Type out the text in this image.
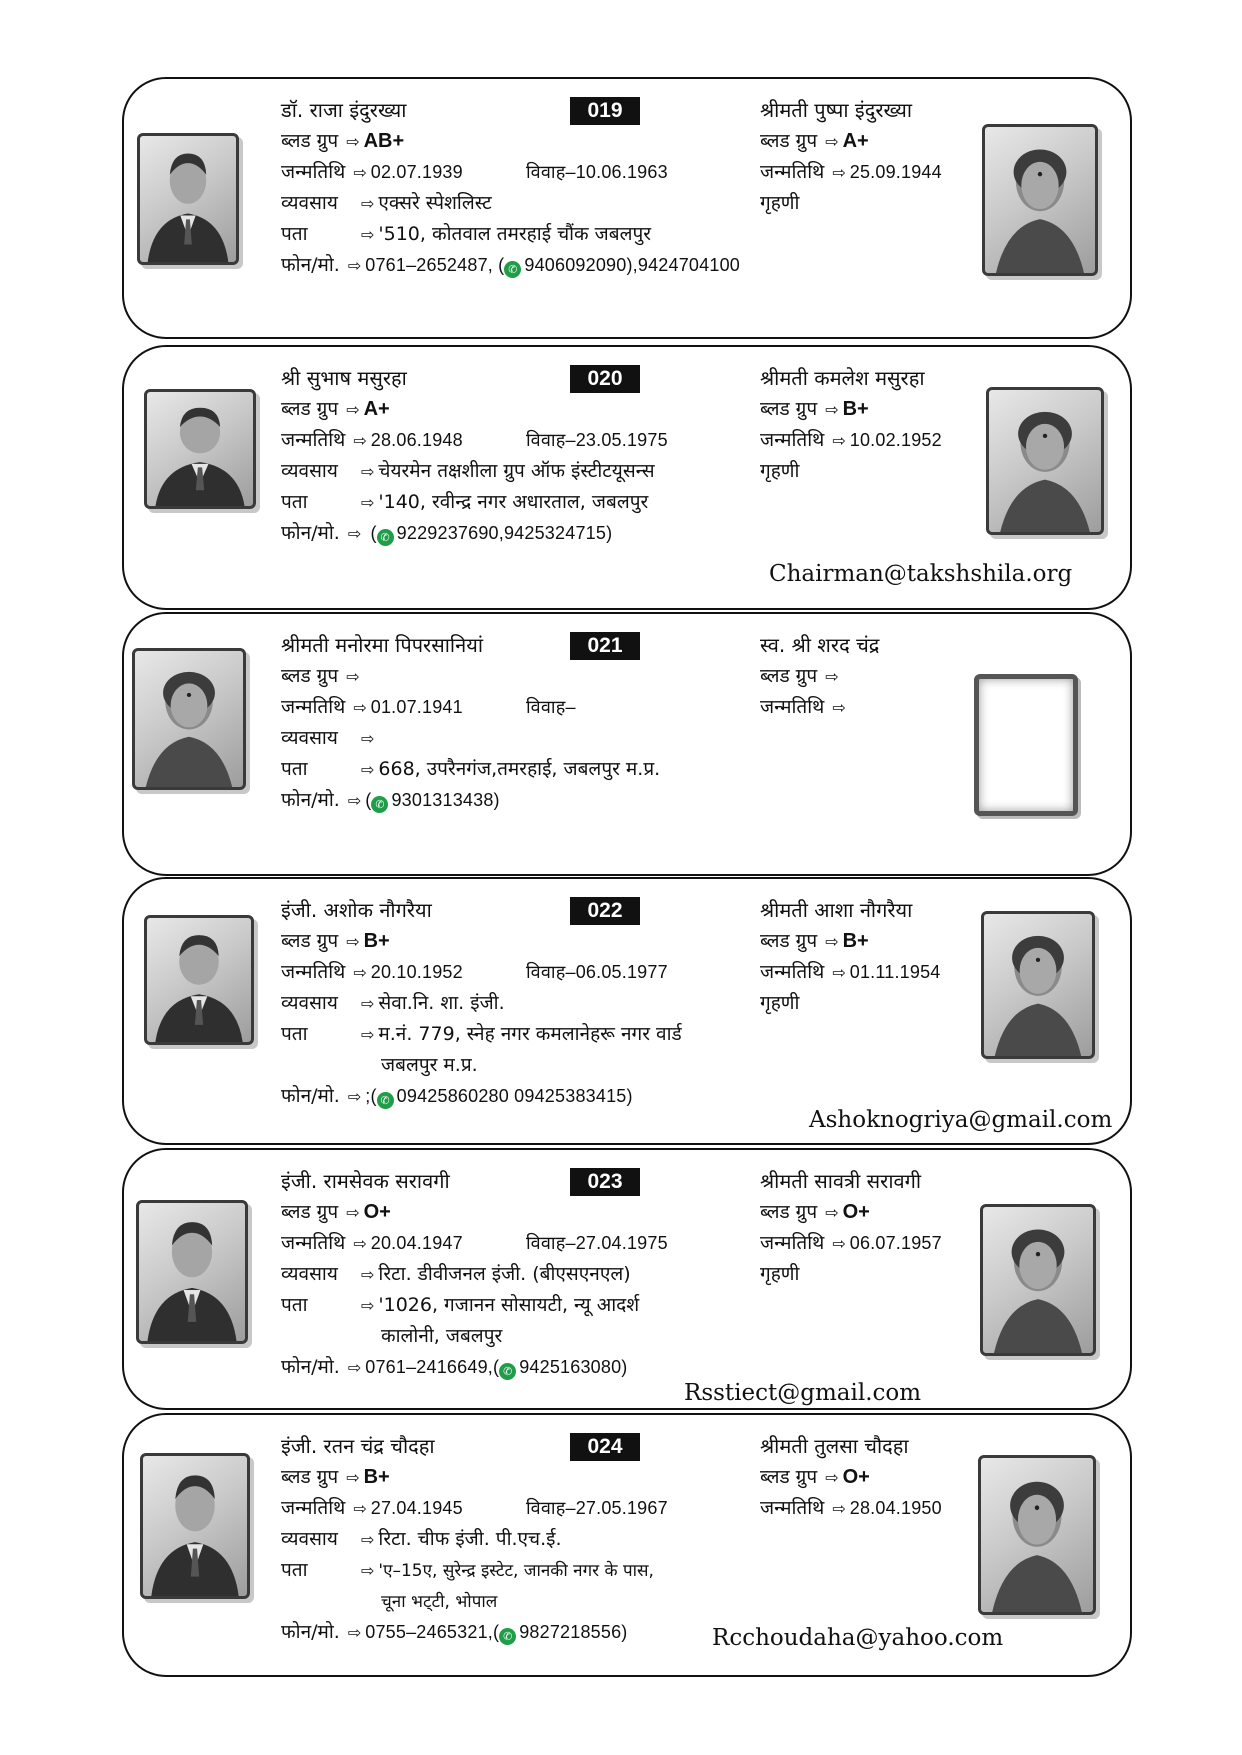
019
डॉ. राजा इंदुरख्या
ब्लड ग्रुप ⇨ AB+
जन्मतिथि ⇨ 02.07.1939	विवाह–10.06.1963
व्यवसाय ⇨ एक्सरे स्पेशलिस्ट
पता	⇨ '510, कोतवाल तमरहाई चौंक जबलपुर
फोन/मो. ⇨ 0761–2652487, ( ✆ 9406092090),9424704100
श्रीमती पुष्पा इंदुरख्या
ब्लड ग्रुप ⇨ A+
जन्मतिथि ⇨ 25.09.1944
गृहणी
020
श्री सुभाष मसुरहा
ब्लड ग्रुप ⇨ A+
जन्मतिथि ⇨ 28.06.1948	विवाह–23.05.1975
व्यवसाय ⇨ चेयरमेन तक्षशीला ग्रुप ऑफ इंस्टीटयूसन्स
पता	⇨ '140, रवीन्द्र नगर अधारताल, जबलपुर
फोन/मो. ⇨ ( ✆ 9229237690,9425324715)
श्रीमती कमलेश मसुरहा
ब्लड ग्रुप ⇨ B+
जन्मतिथि ⇨ 10.02.1952
गृहणी
Chairman@takshshila.org
021
श्रीमती मनोरमा पिपरसानियां
ब्लड ग्रुप ⇨
जन्मतिथि ⇨ 01.07.1941	विवाह–
व्यवसाय ⇨
पता	⇨ 668, उपरैनगंज,तमरहाई, जबलपुर म.प्र.
फोन/मो. ⇨ ( ✆ 9301313438)
स्व. श्री शरद चंद्र
ब्लड ग्रुप ⇨
जन्मतिथि ⇨
022
इंजी. अशोक नौगरैया
ब्लड ग्रुप ⇨ B+
जन्मतिथि ⇨ 20.10.1952	विवाह–06.05.1977
व्यवसाय ⇨ सेवा.नि. शा. इंजी.
पता	⇨ म.नं. 779, स्नेह नगर कमलानेहरू नगर वार्ड
जबलपुर म.प्र.
फोन/मो. ⇨ ;( ✆ 09425860280 09425383415)
श्रीमती आशा नौगरैया
ब्लड ग्रुप ⇨ B+
जन्मतिथि ⇨ 01.11.1954
गृहणी
Ashoknogriya@gmail.com
023
इंजी. रामसेवक सरावगी
ब्लड ग्रुप ⇨ O+
जन्मतिथि ⇨ 20.04.1947	विवाह–27.04.1975
व्यवसाय ⇨ रिटा. डीवीजनल इंजी. (बीएसएनएल)
पता	⇨ '1026, गजानन सोसायटी, न्यू आदर्श
कालोनी, जबलपुर
फोन/मो. ⇨ 0761–2416649,( ✆ 9425163080)
श्रीमती सावत्री सरावगी
ब्लड ग्रुप ⇨ O+
जन्मतिथि ⇨ 06.07.1957
गृहणी
Rsstiect@gmail.com
024
इंजी. रतन चंद्र चौदहा
ब्लड ग्रुप ⇨ B+
जन्मतिथि ⇨ 27.04.1945	विवाह–27.05.1967
व्यवसाय ⇨ रिटा. चीफ इंजी. पी.एच.ई.
पता	⇨ 'ए–15ए, सुरेन्द्र इस्टेट, जानकी नगर के पास,
चूना भट्‌टी, भोपाल
फोन/मो. ⇨ 0755–2465321,( ✆ 9827218556)
श्रीमती तुलसा चौदहा
ब्लड ग्रुप ⇨ O+
जन्मतिथि ⇨ 28.04.1950
Rcchoudaha@yahoo.com
